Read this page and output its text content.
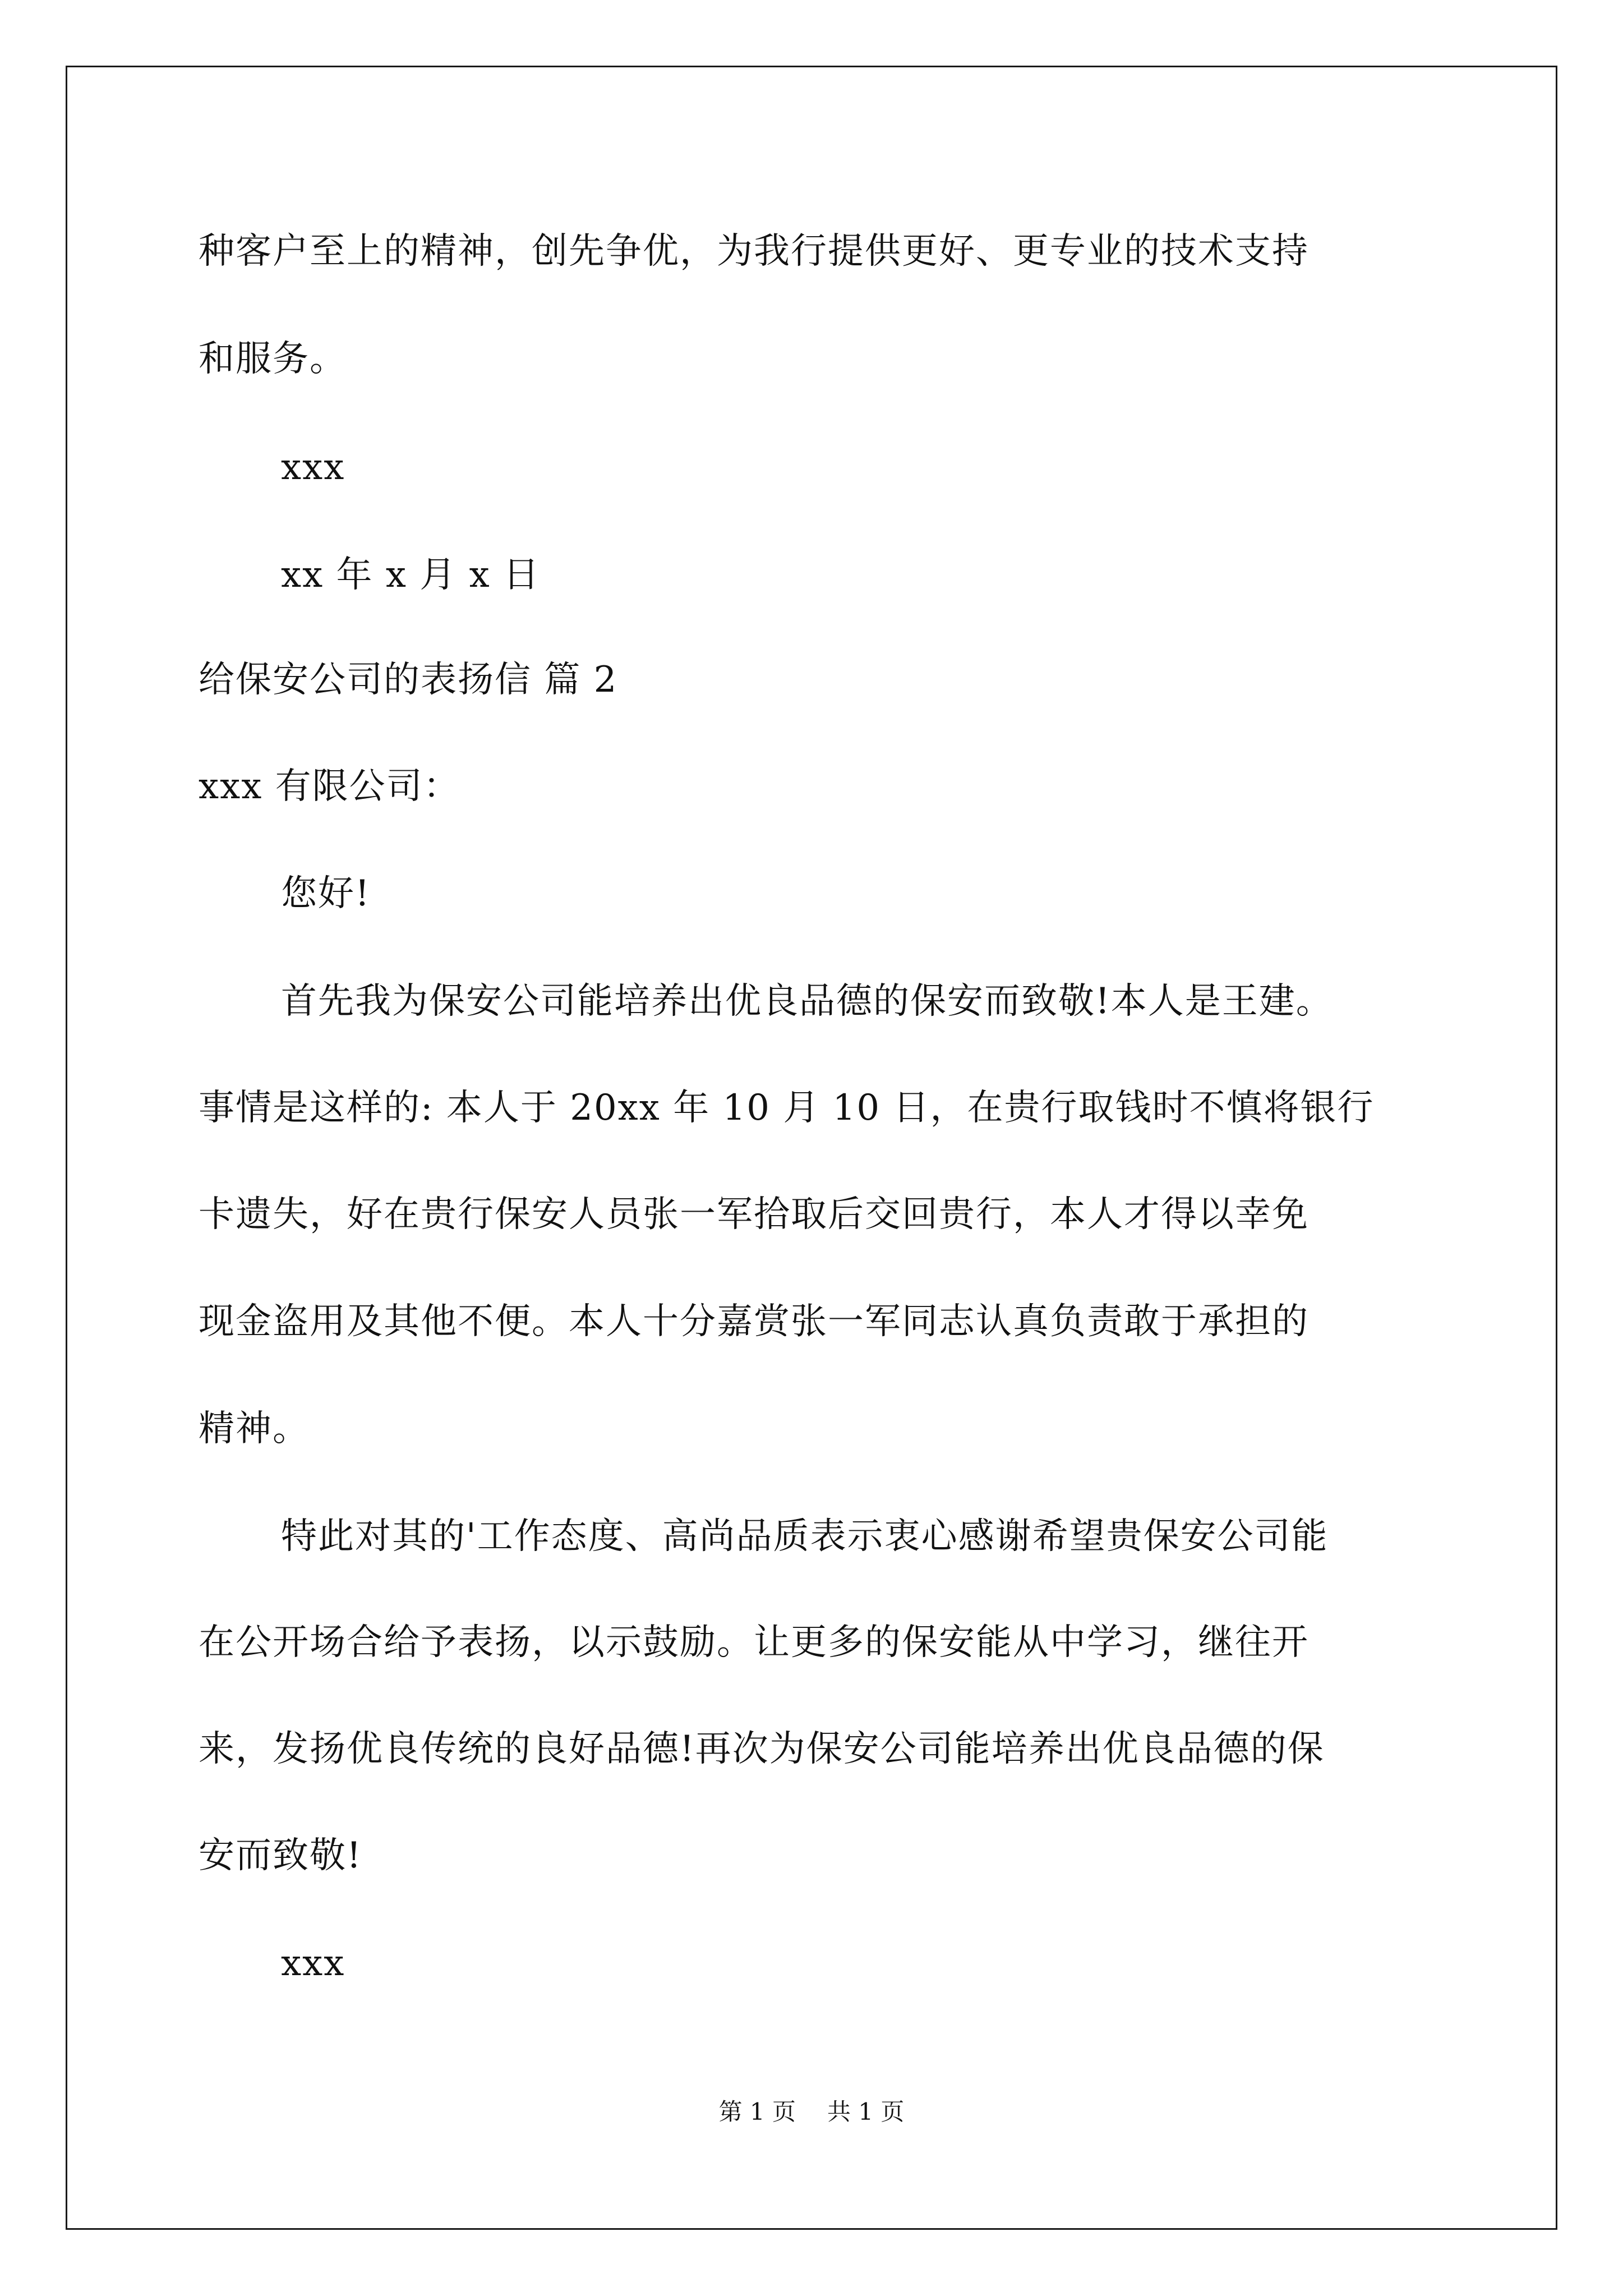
种客户至上的精神，创先争优，为我行提供更好、更专业的技术支持
和服务。
xxx
xx 年 x 月 x 日
给保安公司的表扬信 篇 2
xxx 有限公司：
您好!
首先我为保安公司能培养出优良品德的保安而致敬!本人是王建。
事情是这样的: 本人于 20xx 年 10 月 10 日，在贵行取钱时不慎将银行
卡遗失，好在贵行保安人员张一军拾取后交回贵行，本人才得以幸免
现金盗用及其他不便。本人十分嘉赏张一军同志认真负责敢于承担的
精神。
特此对其的'工作态度、高尚品质表示衷心感谢希望贵保安公司能
在公开场合给予表扬，以示鼓励。让更多的保安能从中学习，继往开
来，发扬优良传统的良好品德!再次为保安公司能培养出优良品德的保
安而致敬!
xxx
第 1 页 共 1 页
